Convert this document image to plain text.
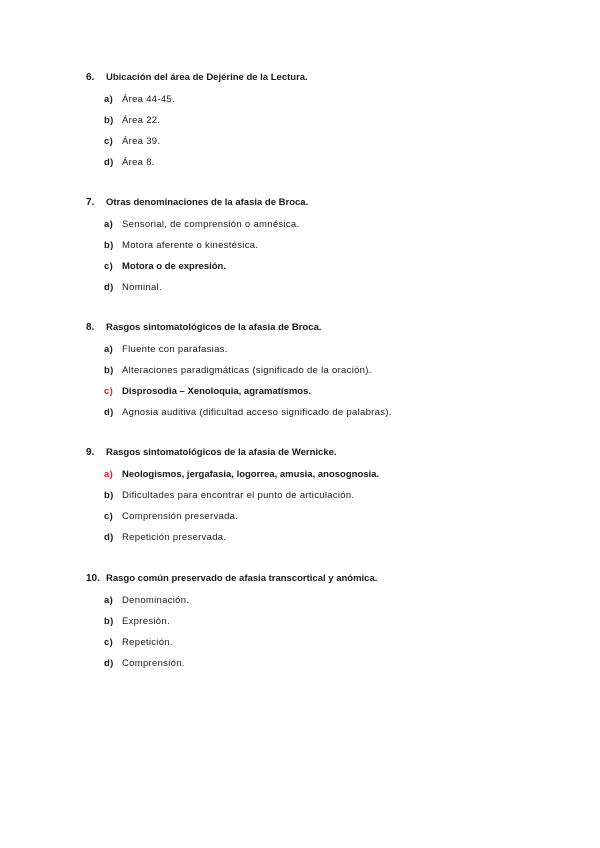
6. Ubicación del área de Dejérine de la Lectura.
a) Área 44-45.
b) Área 22.
c) Área 39.
d) Área 8.
7. Otras denominaciones de la afasia de Broca.
a) Sensorial, de comprensión o amnésica.
b) Motora aferente o kinestésica.
c) Motora o de expresión.
d) Nominal.
8. Rasgos sintomatológicos de la afasia de Broca.
a) Fluente con parafasias.
b) Alteraciones paradigmáticas (significado de la oración).
c) Disprosodia – Xenoloquia, agramatismos.
d) Agnosia auditiva (dificultad acceso significado de palabras).
9. Rasgos sintomatológicos de la afasia de Wernicke.
a) Neologismos, jergafasia, logorrea, amusia, anosognosia.
b) Dificultades para encontrar el punto de articulación.
c) Comprensión preservada.
d) Repetición preservada.
10. Rasgo común preservado de afasia transcortical y anómica.
a) Denominación.
b) Expresión.
c) Repetición.
d) Comprensión.
